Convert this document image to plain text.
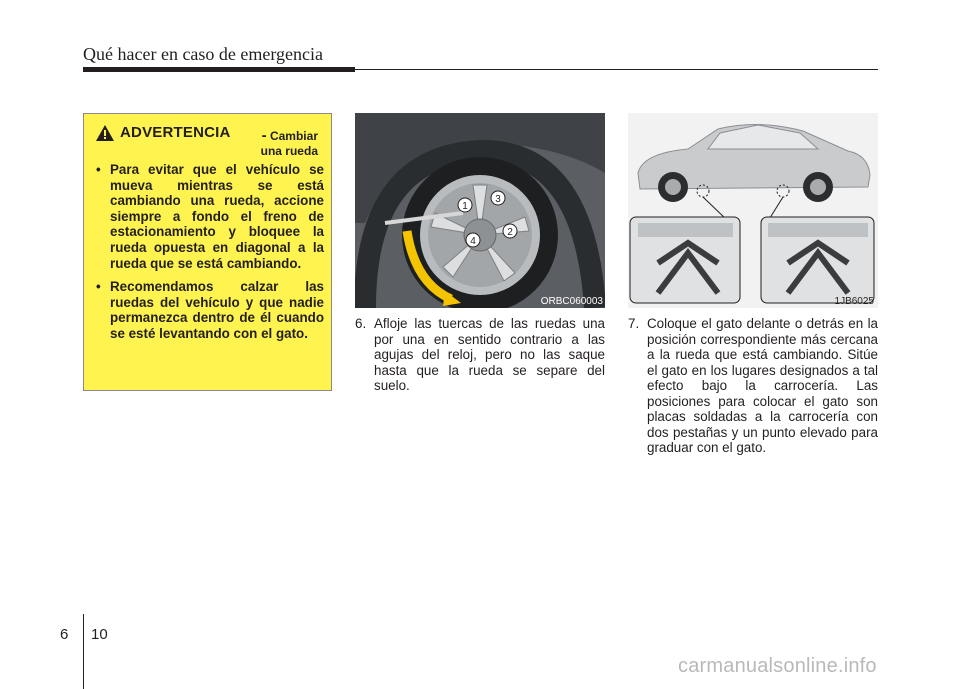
Qué hacer en caso de emergencia
ADVERTENCIA	- Cambiar
una rueda
• Para evitar que el vehículo se mueva mientras se está cambiando una rueda, accione siempre a fondo el freno de estacionamiento y bloquee la rueda opuesta en diagonal a la rueda que se está cambiando.
• Recomendamos calzar las ruedas del vehículo y que nadie permanezca dentro de él cuando se esté levantando con el gato.
1
2
3
4
ORBC060003	1JB6025
6. Afloje las tuercas de las ruedas una por una en sentido contrario a las agujas del reloj, pero no las saque hasta que la rueda se separe del suelo.
7. Coloque el gato delante o detrás en la posición correspondiente más cercana a la rueda que está cambiando. Sitúe el gato en los lugares designados a tal efecto bajo la carrocería. Las posiciones para colocar el gato son placas soldadas a la carrocería con dos pestañas y un punto elevado para graduar con el gato.
6 10
carmanualsonline.info
